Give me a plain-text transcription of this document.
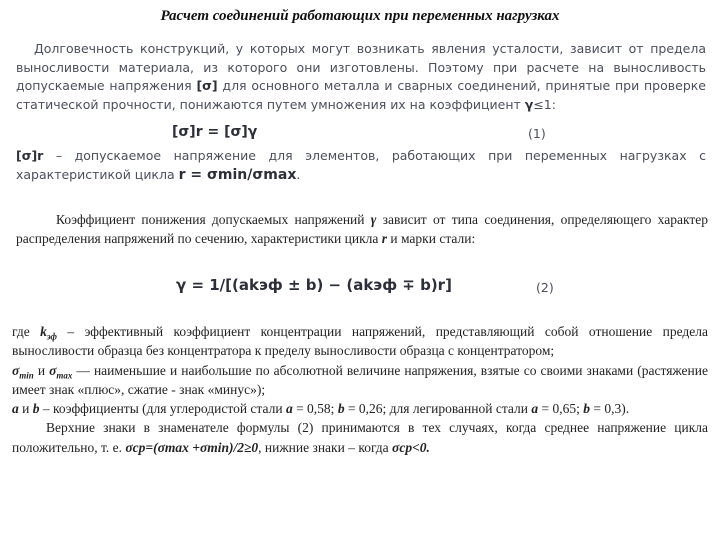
Расчет соединений работающих при переменных нагрузках

Долговечность конструкций, у которых могут возникать явления усталости, зависит от предела выносливости материала, из которого они изготовлены. Поэтому при расчете на выносливость допускаемые напряжения [σ] для основного металла и сварных соединений, принятые при проверке статической прочности, понижаются путем умножения их на коэффициент γ≤1:

[σ]r = [σ]γ	(1)
[σ]r – допускаемое напряжение для элементов, работающих при переменных нагрузках с характеристикой цикла r = σmin/σmax.

Коэффициент понижения допускаемых напряжений γ зависит от типа соединения, определяющего характер распределения напряжений по сечению, характеристики цикла r и марки стали:

γ = 1/[(akэф ± b) − (akэф ∓ b)r]	(2)

где $k_{эф}$ – эффективный коэффициент концентрации напряжений, представляющий собой отношение предела выносливости образца без концентратора к пределу выносливости образца с концентратором;

$\sigma_{min}$ и $\sigma_{max}$ — наименьшие и наибольшие по абсолютной величине напряжения, взятые со своими знаками (растяжение имеет знак «плюс», сжатие - знак «минус»);

a и b – коэффициенты (для углеродистой стали a = 0,58; b = 0,26; для легированной стали a = 0,65; b = 0,3).

Верхние знаки в знаменателе формулы (2) принимаются в тех случаях, когда среднее напряжение цикла положительно, т. е. σср=(σmax +σmin)/2≥0, нижние знаки – когда σср<0.
